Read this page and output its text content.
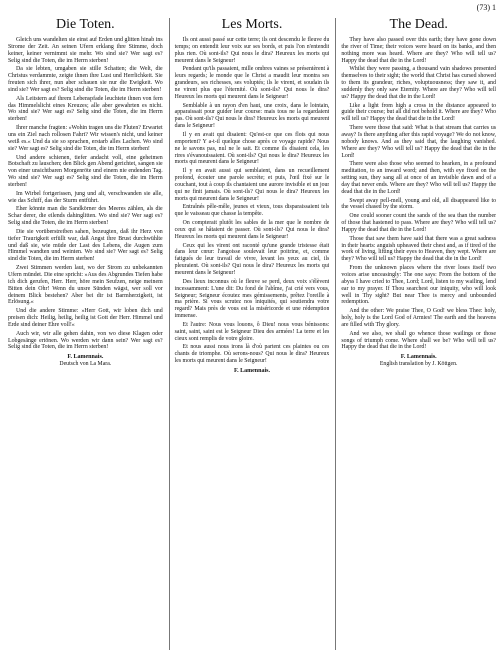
(73) 1
Die Toten.

Gleich uns wandelten sie einst auf Erden und glitten hinab ins Strome der Zeit. An seinen Ufern erklang ihre Stimme, doch keiner, keiner vernimmt sie mehr. Wo sind sie? Wer sagt es? Selig sind die Toten, die im Herrn sterben!

Da sie lebten, umgaben sie stille Schatten; die Welt, die Christus verdammte, zeigte ihnen ihre Lust und Herrlichkeit. Sie freuten sich ihrer, nun aber schauen sie nur die Ewigkeit. Wo sind sie? Wer sagt es? Selig sind die Toten, die im Herrn sterben!

Als Leitstern auf ihrem Lebenspfade leuchtete ihnen von fern das Himmelslicht eines Kreuzes; alle aber gewahrten es nicht. Wo sind sie? Wer sagt es? Selig sind die Toten, die im Herrn sterben!

Ihrer manche fragten: »Wohin tragen uns die Fluten? Erwartet uns ein Ziel nach rollosen Fahrt? Wir wissen's nicht, und keiner weiß es.« Und da sie so sprachen, erstarb alles Lachen. Wo sind sie? Wer sagt es? Selig sind die Toten, die im Herrn sterben!

Und andere schienen, tiefer andacht voll, eine geheimen Botschaft zu lauschen; den Blick gen Abend gerichtet, sangen sie von einer unsichtbaren Morgenröte und einem nie endenden Tag. Wo sind sie? Wer sagt es? Selig sind die Toten, die im Herrn sterben!

Im Wirbel fortgerissen, jung und alt, verschwanden sie alle, wie das Schiff, das der Sturm entführt.

Eher könnte man die Sandkörner des Meeres zählen, als die Schar derer, die eilends dahinglitten. Wo sind sie? Wer sagt es? Selig sind die Toten, die im Herrn sterben!

Die sie vorüberstreiben sahen, bezeugten, daß ihr Herz von tiefer Traurigkeit erfüllt war, daß Angst ihre Brust durchwühlte und daß sie, wie müde der Last des Lebens, die Augen zum Himmel wandten und weinten. Wo sind sie? Wer sagt es? Selig sind die Toten, die im Herrn sterben!

Zwei Stimmen werden laut, wo der Strom zu unbekannten Ufern mündet. Die eine spricht: »Aus des Abgrundes Tiefen habe ich dich gerufen, Herr. Herr, höre mein Seufzen, neige meinem Bitten dein Ohr! Wenn du unsre Sünden wägst, wer soll vor deinem Blick bestehen? Aber bei dir ist Barmherzigkeit, ist Erlösung.«

Und die andere Stimme: »Herr Gott, wir loben dich und preisen dich: Heilig, heilig, heilig ist Gott der Herr. Himmel und Erde sind deiner Ehre voll!«

Auch wir, wir alle gehen dahin, von wo diese Klagen oder Lobgesänge ertönen. Wo werden wir dann sein? Wer sagt es? Selig sind die Toten, die im Herrn sterben!

F. Lamennais.
Deutsch von La Mara.
Les Morts.

Ils ont aussi passé sur cette terre; ils ont descendu le fleuve du temps; on entendit leur voix sur ses bords, et puis l'on n'entendit plus rien. Où sont-ils? Qui nous le dira? Heureux les morts qui meurent dans le Seigneur!

Pendant qu'ils passaient, mille ombres vaines se présentèrent à leurs regards; le monde que le Christ a maudit leur montra ses grandeurs, ses richesses, ses voluptés; ils le virent, et soudain ils ne virent plus que l'éternité. Où sont-ils? Qui nous le dira? Heureux les morts qui meurent dans le Seigneur!

Semblable à un rayon d'en haut, une croix, dans le lointain, apparaissait pour guider leur course: mais tous ne la regardaient pas. Où sont-ils? Qui nous le dira? Heureux les morts qui meurent dans le Seigneur!

Il y en avait qui disaient: Qu'est-ce que ces flots qui nous emportent? Y a-t-il quelque chose après ce voyage rapide? Nous ne le savons pas, nul ne le sait. Et comme ils disaient cela, les rires s'évanouissaient. Où sont-ils? Qui nous le dira? Heureux les morts qui meurent dans le Seigneur!

Il y en avait aussi qui semblaient, dans un recueillement profond, écouter une parole secrète; et puis, l'œil fixé sur le couchant, tout à coup ils chantaient une aurore invisible et un jour qui ne finit jamais. Où sont-ils? Qui nous le dira? Heureux les morts qui meurent dans le Seigneur!

Entraînés pêle-mêle, jeunes et vieux, tous disparaissaient tels que le vaisseau que chasse la tempête.

On compterait plutôt les sables de la mer que le nombre de ceux qui se hâtaient de passer. Où sont-ils? Qui nous le dira? Heureux les morts qui meurent dans le Seigneur!

Ceux qui les virent ont raconté qu'une grande tristesse était dans leur cœur: l'angoisse soulevait leur poitrine, et, comme fatigués de leur travail de vivre, levant les yeux au ciel, ils pleuraient. Où sont-ils? Qui nous le dira? Heureux les morts qui meurent dans le Seigneur!

Des lieux inconnus où le fleuve se perd, deux voix s'élèvent incessamment: L'une dit: Du fond de l'abîme, j'ai crié vers vous, Seigneur; Seigneur écoutez mes gémissements, prêtez l'oreille à ma prière. Si vous scrutez nos iniquités, qui soutiendra votre regard? Mais près de vous est la miséricorde et une rédemption immense.

Et l'autre: Nous vous louons, ô Dieu! nous vous bénissons: saint, saint, saint est le Seigneur Dieu des armées! La terre et les cieux sont remplis de votre gloire.

Et nous aussi nous irons là d'où partent ces plaintes ou ces chants de triomphe. Où serons-nous? Qui nous le dira? Heureux les morts qui meurent dans le Seigneur!

F. Lamennais.
The Dead.

They have also passed over this earth; they have gone down the river of Time; their voices were heard on its banks, and then nothing more was heard. Where are they? Who will tell us? Happy the dead that die in the Lord!

Whilst they were passing, a thousand vain shadows presented themselves to their sight; the world that Christ has cursed showed to them its grandeur, riches, voluptuousness; they saw it, and suddenly they only saw Eternity. Where are they? Who will tell us? Happy the dead that die in the Lord!

Like a light from high a cross in the distance appeared to guide their course; but all did not behold it. Where are they? Who will tell us? Happy the dead that die in the Lord!

There were those that said: What is that stream that carries us away? Is there anything after this rapid voyage? We do not know, nobody knows. And as they said that, the laughing vanished. Where are they? Who will tell us? Happy the dead that die in the Lord!

There were also those who seemed to hearken, in a profound meditation, to an inward word; and then, with eye fixed on the setting sun, they sang all at once of an invisible dawn and of a day that never ends. Where are they? Who will tell us? Happy the dead that die in the Lord!

Swept away pell-mell, young and old, all disappeared like to the vessel chased by the storm.

One could sooner count the sands of the sea than the number of those that hastened to pass. Where are they? Who will tell us? Happy the dead that die in the Lord!

Those that saw them have said that there was a great sadness in their hearts: anguish upheaved their chest and, as if tired of the work of living, lifting their eyes to Heaven, they wept. Where are they? Who will tell us? Happy the dead that die in the Lord!

From the unknown places where the river loses itself two voices arise unceasingly: The one says: From the bottom of the abyss I have cried to Thee, Lord; Lord, listen to my wailing, lend ear to my prayer. If Thou searchest our iniquity, who will look well in Thy sight? But near Thee is mercy and unbounded redemption.

And the other: We praise Thee, O God! we bless Thee: holy, holy, holy is the Lord God of Armies! The earth and the heavens are filled with Thy glory.

And we also, we shall go whence those wailings or those songs of triumph come. Where shall we be? Who will tell us? Happy the dead that die in the Lord!

F. Lamennais.
English translation by J. Köttgen.
